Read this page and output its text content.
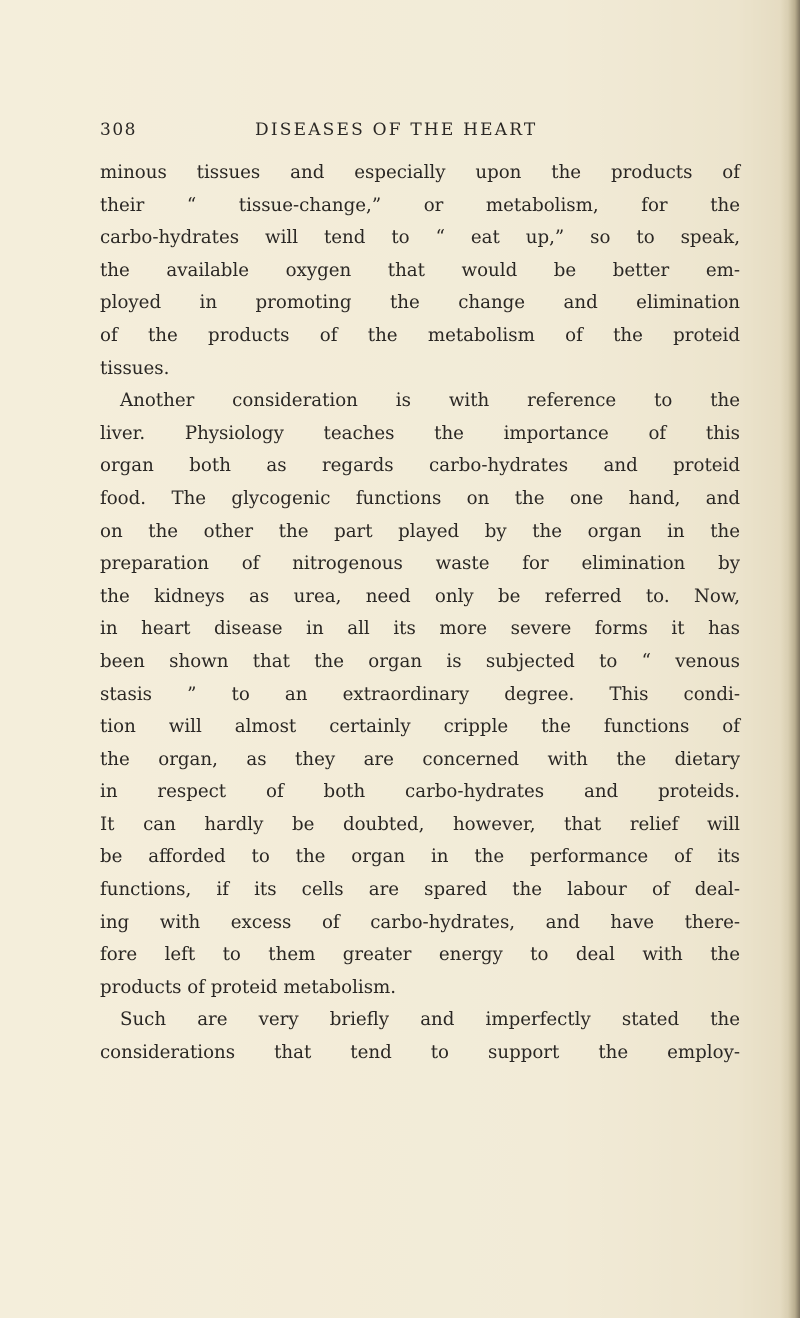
308	DISEASES OF THE HEART
minous tissues and especially upon the products of
their “ tissue-change,” or metabolism, for the
carbo-hydrates will tend to “ eat up,” so to speak,
the available oxygen that would be better em-
ployed in promoting the change and elimination
of the products of the metabolism of the proteid
tissues.
Another consideration is with reference to the
liver. Physiology teaches the importance of this
organ both as regards carbo-hydrates and proteid
food. The glycogenic functions on the one hand, and
on the other the part played by the organ in the
preparation of nitrogenous waste for elimination by
the kidneys as urea, need only be referred to. Now,
in heart disease in all its more severe forms it has
been shown that the organ is subjected to “ venous
stasis ” to an extraordinary degree. This condi-
tion will almost certainly cripple the functions of
the organ, as they are concerned with the dietary
in respect of both carbo-hydrates and proteids.
It can hardly be doubted, however, that relief will
be afforded to the organ in the performance of its
functions, if its cells are spared the labour of deal-
ing with excess of carbo-hydrates, and have there-
fore left to them greater energy to deal with the
products of proteid metabolism.
Such are very briefly and imperfectly stated the
considerations that tend to support the employ-
